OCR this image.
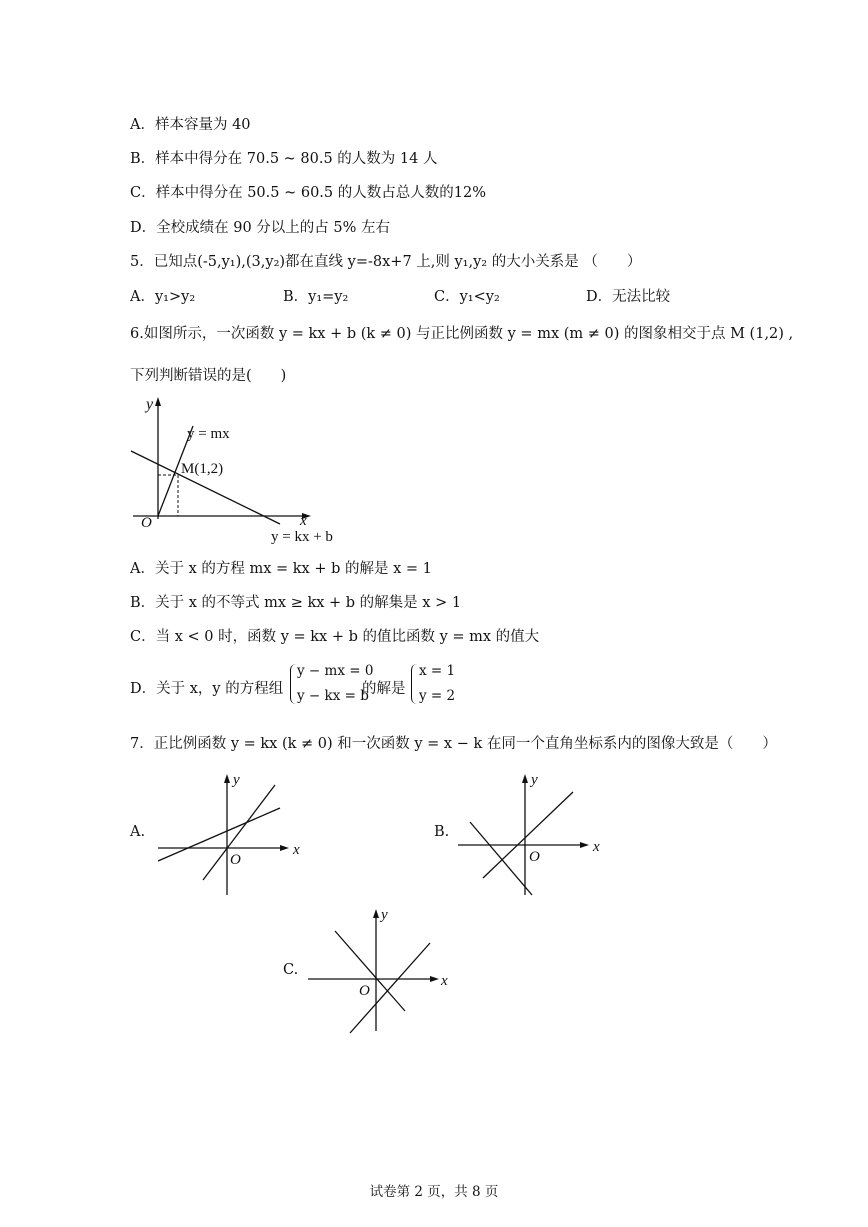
A．样本容量为 40
B．样本中得分在 70.5 ~ 80.5 的人数为 14 人
C．样本中得分在 50.5 ~ 60.5 的人数占总人数的12%
D．全校成绩在 90 分以上的占 5% 左右
5．已知点(-5,y₁),(3,y₂)都在直线 y=-8x+7 上,则 y₁,y₂ 的大小关系是 （　　）
A．y₁>y₂	B．y₁=y₂	C．y₁<y₂	D．无法比较
6.如图所示，一次函数 y = kx + b (k ≠ 0) 与正比例函数 y = mx (m ≠ 0) 的图象相交于点 M (1,2) ,
下列判断错误的是(　　)
y
y = mx
M(1,2)
O	x
y = kx + b
A．关于 x 的方程 mx = kx + b 的解是 x = 1
B．关于 x 的不等式 mx ≥ kx + b 的解集是 x > 1
C．当 x < 0 时，函数 y = kx + b 的值比函数 y = mx 的值大
D．关于 x，y 的方程组
y − mx = 0
y − kx = b
的解是
x = 1
y = 2
7．正比例函数 y = kx (k ≠ 0) 和一次函数 y = x − k 在同一个直角坐标系内的图像大致是（　　）
A.
y
x
O
B.
y
x
O
C.
y
x
O
试卷第 2 页，共 8 页
